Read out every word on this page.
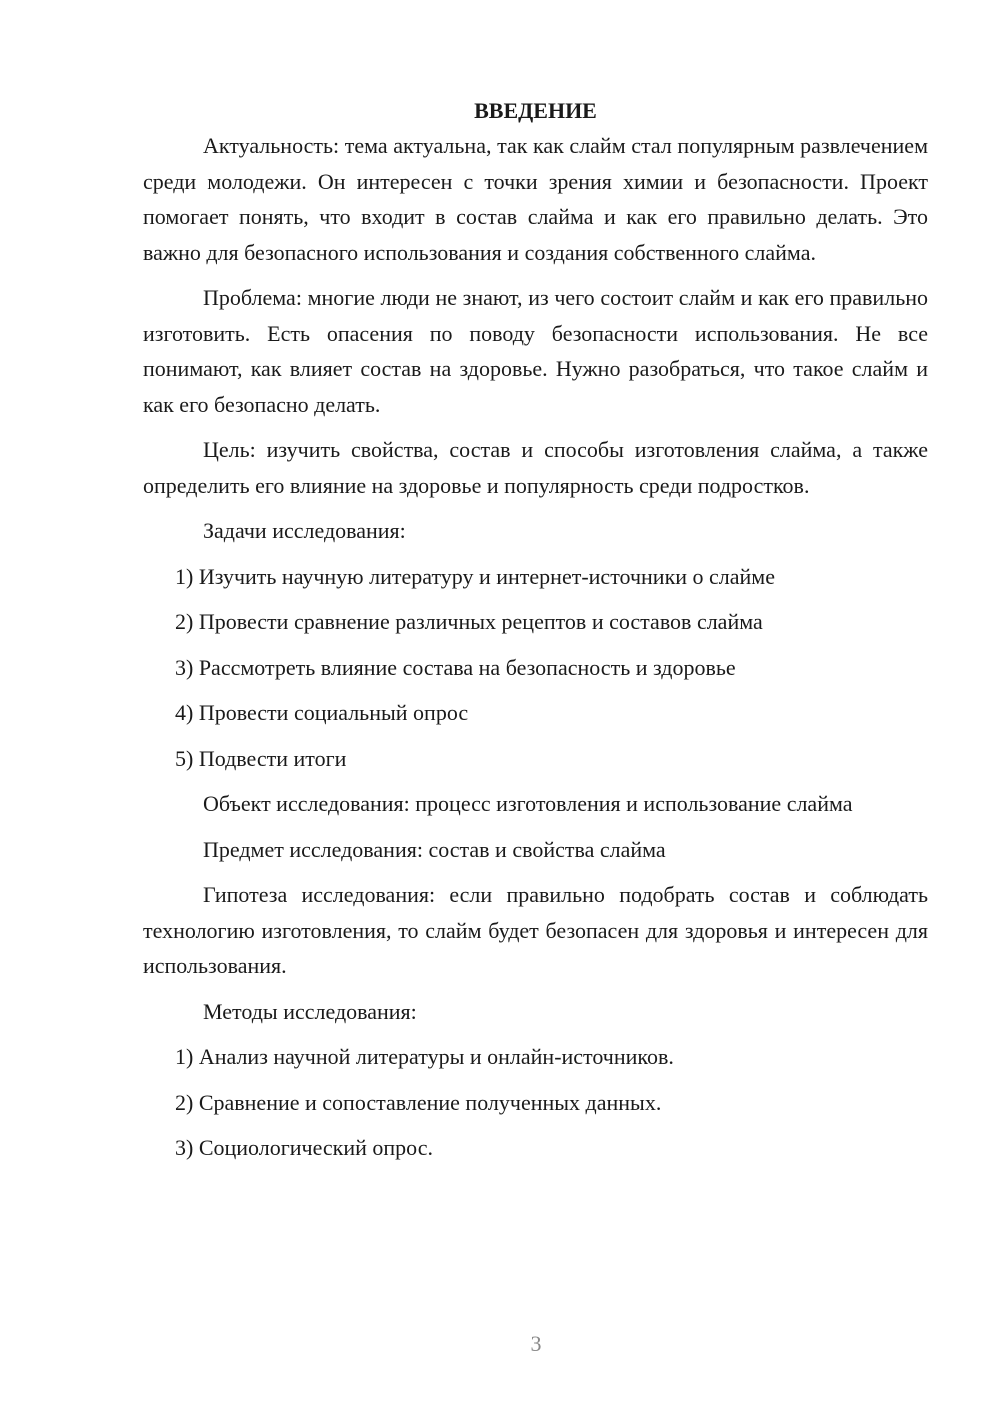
ВВЕДЕНИЕ

Актуальность: тема актуальна, так как слайм стал популярным развлечением среди молодежи. Он интересен с точки зрения химии и безопасности. Проект помогает понять, что входит в состав слайма и как его правильно делать. Это важно для безопасного использования и создания собственного слайма.

Проблема: многие люди не знают, из чего состоит слайм и как его правильно изготовить. Есть опасения по поводу безопасности использования. Не все понимают, как влияет состав на здоровье. Нужно разобраться, что такое слайм и как его безопасно делать.

Цель: изучить свойства, состав и способы изготовления слайма, а также определить его влияние на здоровье и популярность среди подростков.

Задачи исследования:

1) Изучить научную литературу и интернет-источники о слайме
2) Провести сравнение различных рецептов и составов слайма
3) Рассмотреть влияние состава на безопасность и здоровье
4) Провести социальный опрос
5) Подвести итоги

Объект исследования: процесс изготовления и использование слайма

Предмет исследования: состав и свойства слайма

Гипотеза исследования: если правильно подобрать состав и соблюдать технологию изготовления, то слайм будет безопасен для здоровья и интересен для использования.

Методы исследования:

1) Анализ научной литературы и онлайн-источников.
2) Сравнение и сопоставление полученных данных.
3) Социологический опрос.
3
